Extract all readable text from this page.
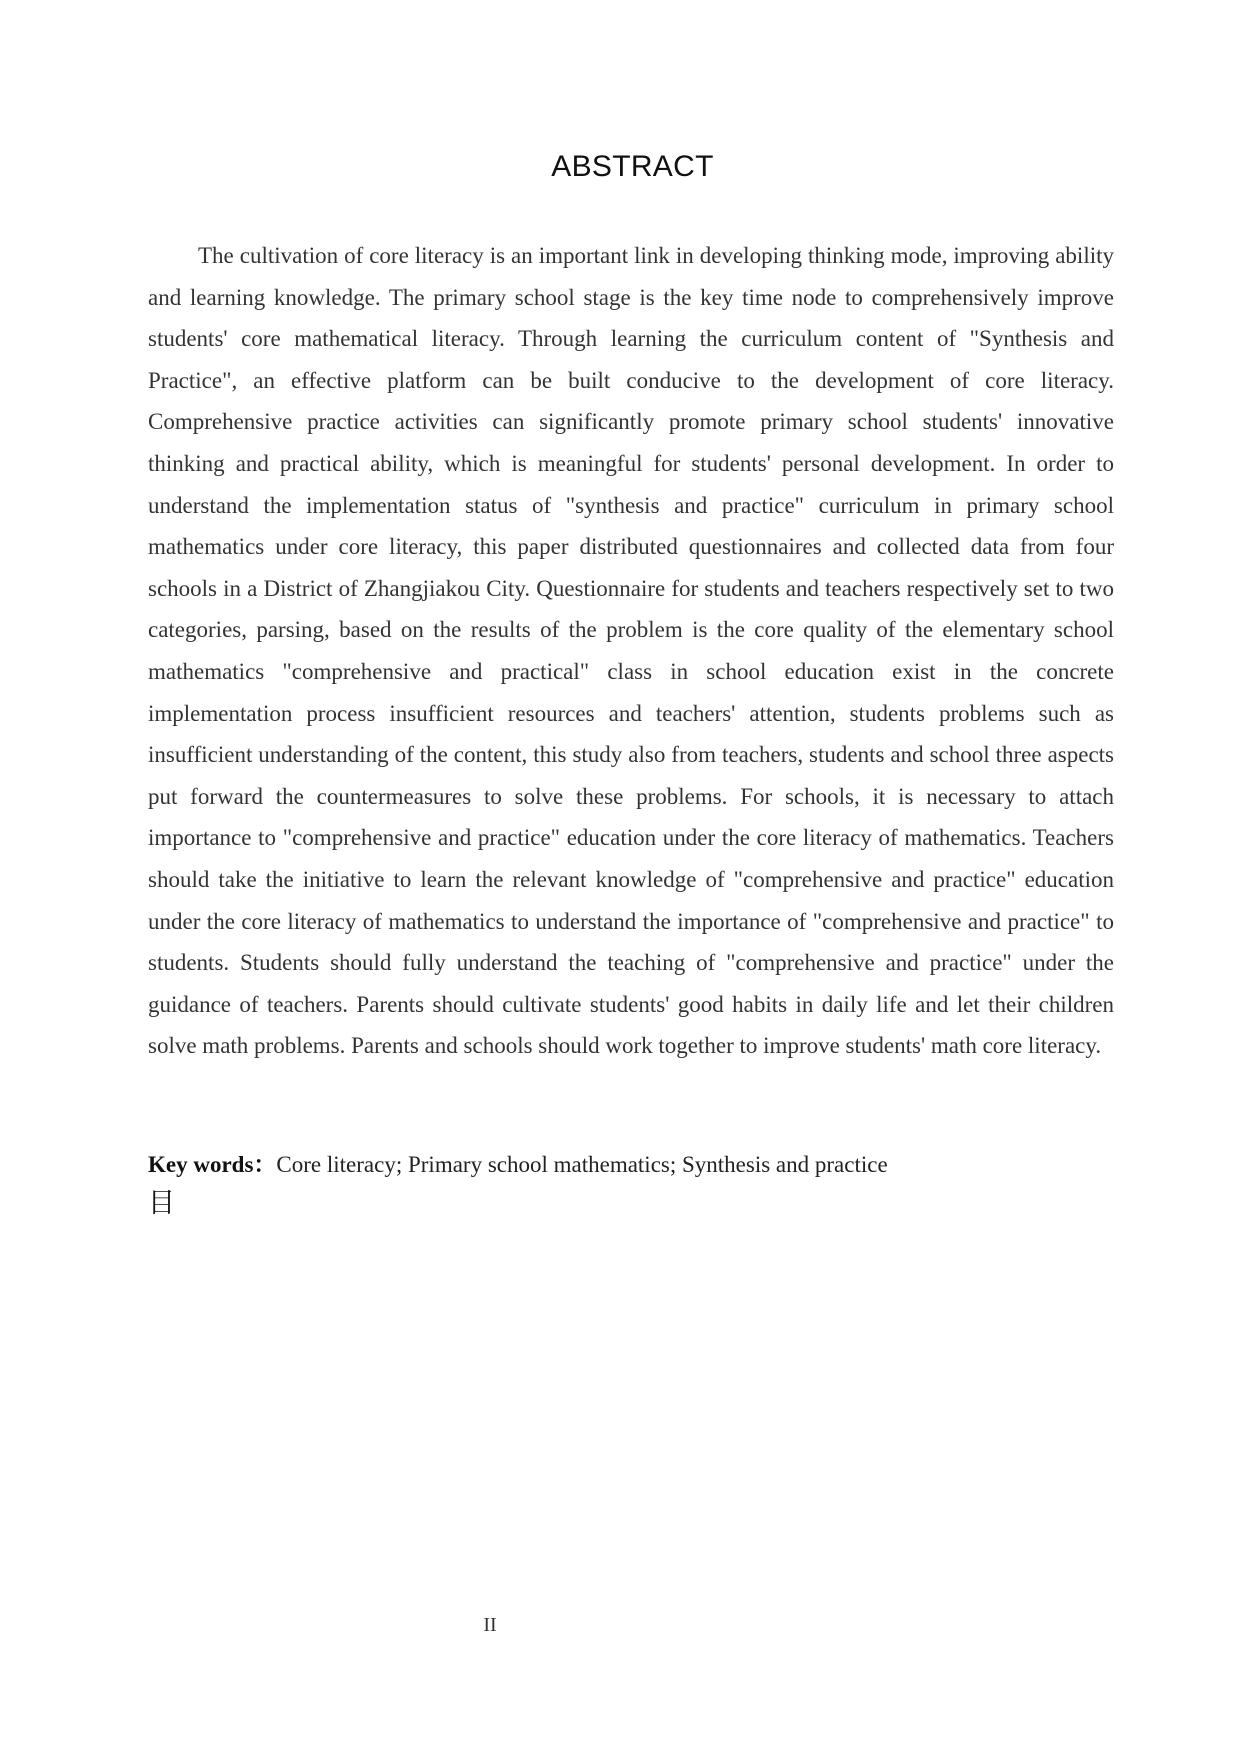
ABSTRACT

The cultivation of core literacy is an important link in developing thinking mode, improving ability and learning knowledge. The primary school stage is the key time node to comprehensively improve students' core mathematical literacy. Through learning the curriculum content of "Synthesis and Practice", an effective platform can be built conducive to the development of core literacy. Comprehensive practice activities can significantly promote primary school students' innovative thinking and practical ability, which is meaningful for students' personal development. In order to understand the implementation status of "synthesis and practice" curriculum in primary school mathematics under core literacy, this paper distributed questionnaires and collected data from four schools in a District of Zhangjiakou City. Questionnaire for students and teachers respectively set to two categories, parsing, based on the results of the problem is the core quality of the elementary school mathematics "comprehensive and practical" class in school education exist in the concrete implementation process insufficient resources and teachers' attention, students problems such as insufficient understanding of the content, this study also from teachers, students and school three aspects put forward the countermeasures to solve these problems. For schools, it is necessary to attach importance to "comprehensive and practice" education under the core literacy of mathematics. Teachers should take the initiative to learn the relevant knowledge of "comprehensive and practice" education under the core literacy of mathematics to understand the importance of "comprehensive and practice" to students. Students should fully understand the teaching of "comprehensive and practice" under the guidance of teachers. Parents should cultivate students' good habits in daily life and let their children solve math problems. Parents and schools should work together to improve students' math core literacy.

Key words：Core literacy; Primary school mathematics; Synthesis and practice

目
II
